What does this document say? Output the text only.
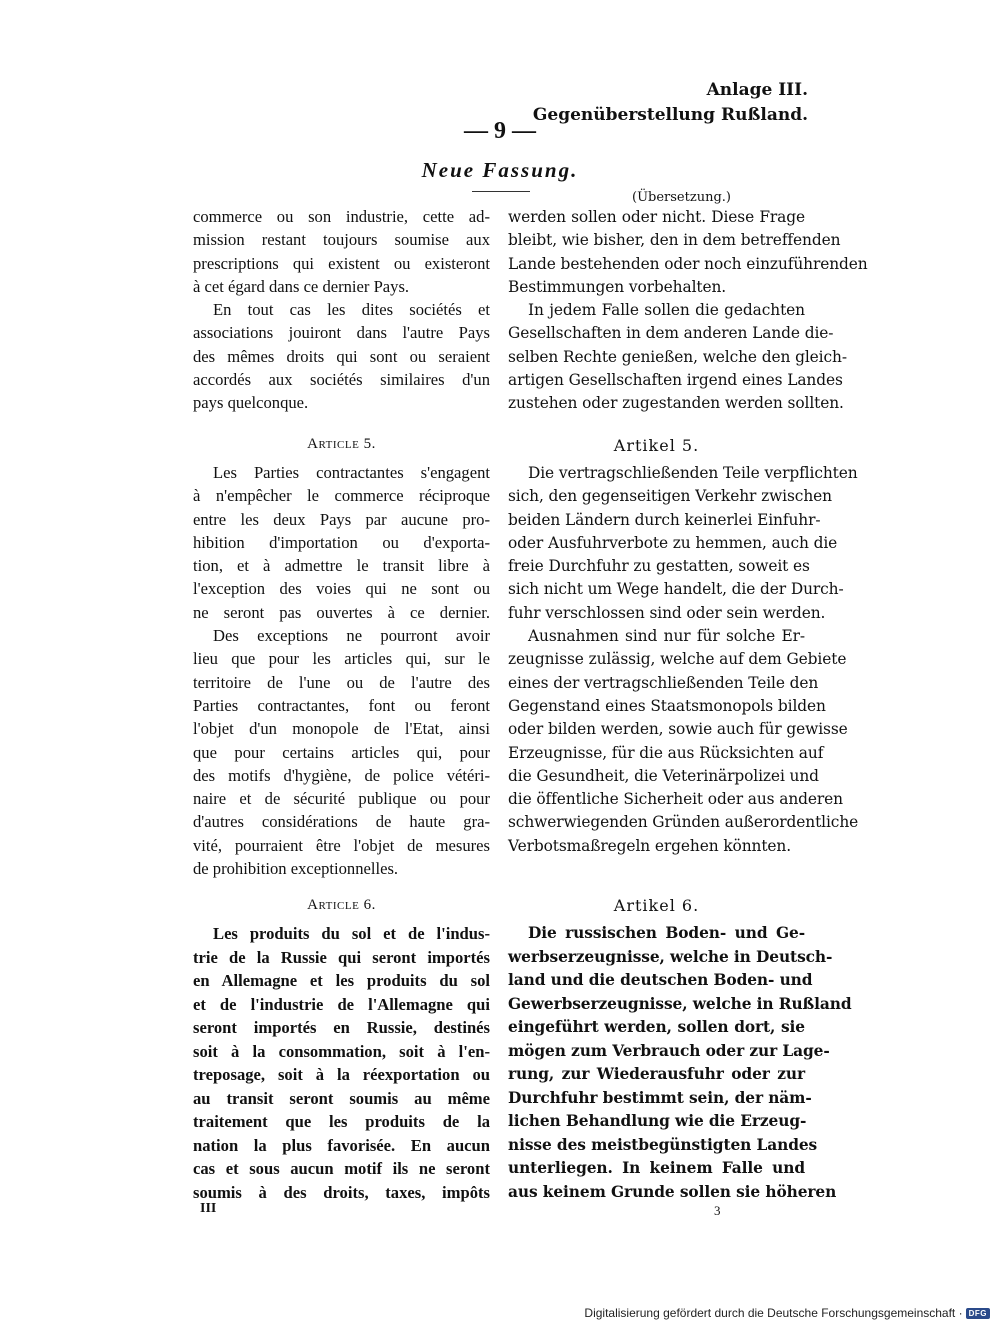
Anlage III.
Gegenüberstellung Rußland.
— 9 —
Neue Fassung.
(Übersetzung.)
commerce ou son industrie, cette ad-
mission restant toujours soumise aux
prescriptions qui existent ou existeront
à cet égard dans ce dernier Pays.
En tout cas les dites sociétés et
associations jouiront dans l'autre Pays
des mêmes droits qui sont ou seraient
accordés aux sociétés similaires d'un
pays quelconque.
werden sollen oder nicht. Diese Frage
bleibt, wie bisher, den in dem betreffenden
Lande bestehenden oder noch einzuführenden
Bestimmungen vorbehalten.
In jedem Falle sollen die gedachten
Gesellschaften in dem anderen Lande die-
selben Rechte genießen, welche den gleich-
artigen Gesellschaften irgend eines Landes
zustehen oder zugestanden werden sollten.
Article 5.	Artikel 5.
Les Parties contractantes s'engagent
à n'empêcher le commerce réciproque
entre les deux Pays par aucune pro-
hibition d'importation ou d'exporta-
tion, et à admettre le transit libre à
l'exception des voies qui ne sont ou
ne seront pas ouvertes à ce dernier.
Des exceptions ne pourront avoir
lieu que pour les articles qui, sur le
territoire de l'une ou de l'autre des
Parties contractantes, font ou feront
l'objet d'un monopole de l'Etat, ainsi
que pour certains articles qui, pour
des motifs d'hygiène, de police vétéri-
naire et de sécurité publique ou pour
d'autres considérations de haute gra-
vité, pourraient être l'objet de mesures
de prohibition exceptionnelles.
Die vertragschließenden Teile verpflichten
sich, den gegenseitigen Verkehr zwischen
beiden Ländern durch keinerlei Einfuhr-
oder Ausfuhrverbote zu hemmen, auch die
freie Durchfuhr zu gestatten, soweit es
sich nicht um Wege handelt, die der Durch-
fuhr verschlossen sind oder sein werden.
Ausnahmen sind nur für solche Er-
zeugnisse zulässig, welche auf dem Gebiete
eines der vertragschließenden Teile den
Gegenstand eines Staatsmonopols bilden
oder bilden werden, sowie auch für gewisse
Erzeugnisse, für die aus Rücksichten auf
die Gesundheit, die Veterinärpolizei und
die öffentliche Sicherheit oder aus anderen
schwerwiegenden Gründen außerordentliche
Verbotsmaßregeln ergehen könnten.
Article 6.	Artikel 6.
Les produits du sol et de l'indus-
trie de la Russie qui seront importés
en Allemagne et les produits du sol
et de l'industrie de l'Allemagne qui
seront importés en Russie, destinés
soit à la consommation, soit à l'en-
treposage, soit à la réexportation ou
au transit seront soumis au même
traitement que les produits de la
nation la plus favorisée. En aucun
cas et sous aucun motif ils ne seront
soumis à des droits, taxes, impôts
Die russischen Boden- und Ge-
werbserzeugnisse, welche in Deutsch-
land und die deutschen Boden- und
Gewerbserzeugnisse, welche in Rußland
eingeführt werden, sollen dort, sie
mögen zum Verbrauch oder zur Lage-
rung, zur Wiederausfuhr oder zur
Durchfuhr bestimmt sein, der näm-
lichen Behandlung wie die Erzeug-
nisse des meistbegünstigten Landes
unterliegen. In keinem Falle und
aus keinem Grunde sollen sie höheren
III	3
Digitalisierung gefördert durch die Deutsche Forschungsgemeinschaft · DFG
